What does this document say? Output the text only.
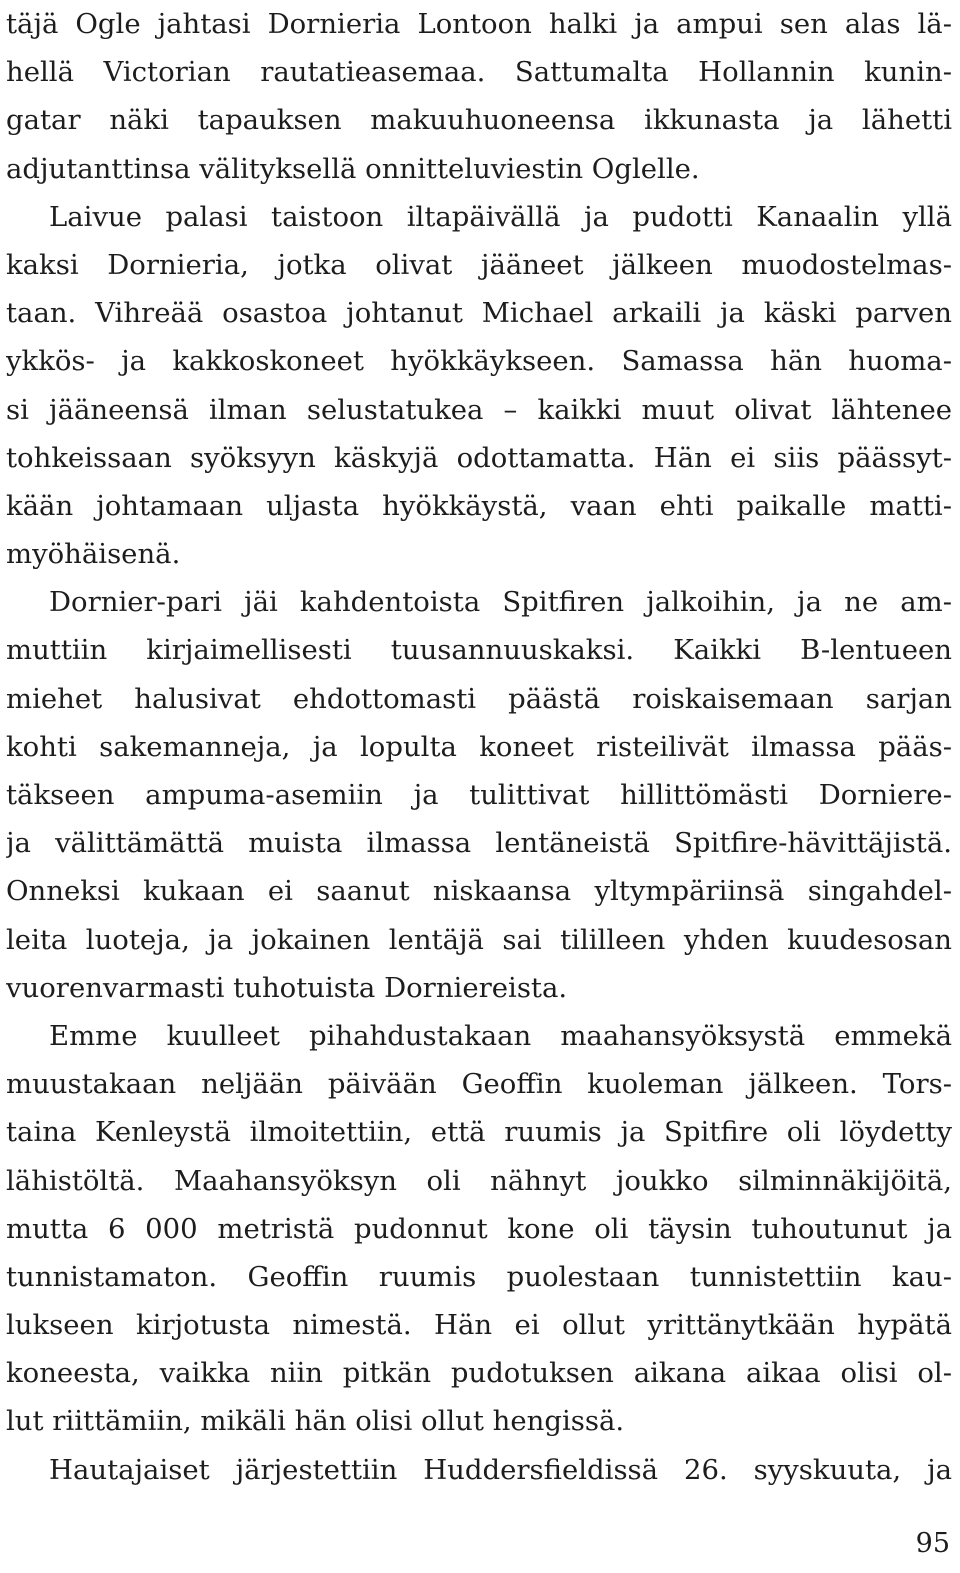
täjä Ogle jahtasi Dornieria Lontoon halki ja ampui sen alas lä-
hellä Victorian rautatieasemaa. Sattumalta Hollannin kunin-
gatar näki tapauksen makuuhuoneensa ikkunasta ja lähetti
adjutanttinsa välityksellä onnitteluviestin Oglelle.
Laivue palasi taistoon iltapäivällä ja pudotti Kanaalin yllä
kaksi Dornieria, jotka olivat jääneet jälkeen muodostelmas-
taan. Vihreää osastoa johtanut Michael arkaili ja käski parven
ykkös- ja kakkoskoneet hyökkäykseen. Samassa hän huoma-
si jääneensä ilman selustatukea – kaikki muut olivat lähtenee
tohkeissaan syöksyyn käskyjä odottamatta. Hän ei siis päässyt-
kään johtamaan uljasta hyökkäystä, vaan ehti paikalle matti-
myöhäisenä.
Dornier-pari jäi kahdentoista Spitfiren jalkoihin, ja ne am-
muttiin kirjaimellisesti tuusannuuskaksi. Kaikki B-lentueen
miehet halusivat ehdottomasti päästä roiskaisemaan sarjan
kohti sakemanneja, ja lopulta koneet risteilivät ilmassa pääs-
täkseen ampuma-asemiin ja tulittivat hillittömästi Dorniere-
ja välittämättä muista ilmassa lentäneistä Spitfire-hävittäjistä.
Onneksi kukaan ei saanut niskaansa yltympäriinsä singahdel-
leita luoteja, ja jokainen lentäjä sai tililleen yhden kuudesosan
vuorenvarmasti tuhotuista Dorniereista.
Emme kuulleet pihahdustakaan maahansyöksystä emmekä
muustakaan neljään päivään Geoffin kuoleman jälkeen. Tors-
taina Kenleystä ilmoitettiin, että ruumis ja Spitfire oli löydetty
lähistöltä. Maahansyöksyn oli nähnyt joukko silminnäkijöitä,
mutta 6 000 metristä pudonnut kone oli täysin tuhoutunut ja
tunnistamaton. Geoffin ruumis puolestaan tunnistettiin kau-
lukseen kirjotusta nimestä. Hän ei ollut yrittänytkään hypätä
koneesta, vaikka niin pitkän pudotuksen aikana aikaa olisi ol-
lut riittämiin, mikäli hän olisi ollut hengissä.
Hautajaiset järjestettiin Huddersfieldissä 26. syyskuuta, ja
95
